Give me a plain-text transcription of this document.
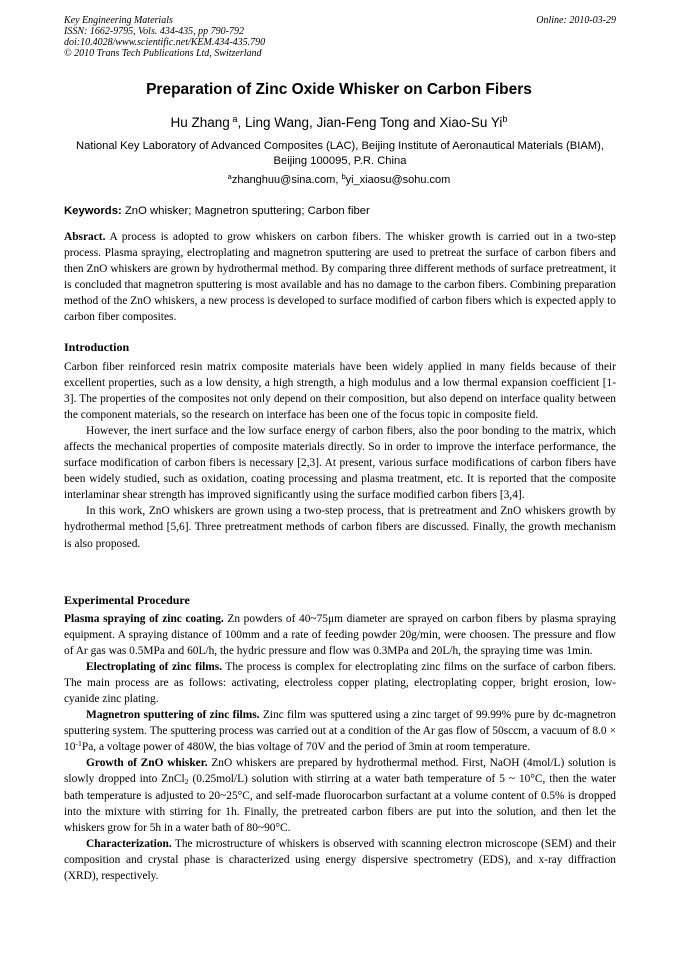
Key Engineering Materials	Online: 2010-03-29
ISSN: 1662-9795, Vols. 434-435, pp 790-792
doi:10.4028/www.scientific.net/KEM.434-435.790
© 2010 Trans Tech Publications Ltd, Switzerland
Preparation of Zinc Oxide Whisker on Carbon Fibers
Hu Zhang $^a$, Ling Wang, Jian-Feng Tong and Xiao-Su Yi$^b$
National Key Laboratory of Advanced Composites (LAC), Beijing Institute of Aeronautical Materials (BIAM), Beijing 100095, P.R. China
$^a$zhanghuu@sina.com, $^b$yi_xiaosu@sohu.com
Keywords: ZnO whisker; Magnetron sputtering; Carbon fiber

Absract. A process is adopted to grow whiskers on carbon fibers. The whisker growth is carried out in a two-step process. Plasma spraying, electroplating and magnetron sputtering are used to pretreat the surface of carbon fibers and then ZnO whiskers are grown by hydrothermal method. By comparing three different methods of surface pretreatment, it is concluded that magnetron sputtering is most available and has no damage to the carbon fibers. Combining preparation method of the ZnO whiskers, a new process is developed to surface modified of carbon fibers which is expected apply to carbon fiber composites.

Introduction

Carbon fiber reinforced resin matrix composite materials have been widely applied in many fields because of their excellent properties, such as a low density, a high strength, a high modulus and a low thermal expansion coefficient [1-3]. The properties of the composites not only depend on their composition, but also depend on interface quality between the component materials, so the research on interface has been one of the focus topic in composite field.

However, the inert surface and the low surface energy of carbon fibers, also the poor bonding to the matrix, which affects the mechanical properties of composite materials directly. So in order to improve the interface performance, the surface modification of carbon fibers is necessary [2,3]. At present, various surface modifications of carbon fibers have been widely studied, such as oxidation, coating processing and plasma treatment, etc. It is reported that the composite interlaminar shear strength has improved significantly using the surface modified carbon fibers [3,4].

In this work, ZnO whiskers are grown using a two-step process, that is pretreatment and ZnO whiskers growth by hydrothermal method [5,6]. Three pretreatment methods of carbon fibers are discussed. Finally, the growth mechanism is also proposed.

Experimental Procedure

Plasma spraying of zinc coating. Zn powders of 40~75μm diameter are sprayed on carbon fibers by plasma spraying equipment. A spraying distance of 100mm and a rate of feeding powder 20g/min, were choosen. The pressure and flow of Ar gas was 0.5MPa and 60L/h, the hydric pressure and flow was 0.3MPa and 20L/h, the spraying time was 1min.

Electroplating of zinc films. The process is complex for electroplating zinc films on the surface of carbon fibers. The main process are as follows: activating, electroless copper plating, electroplating copper, bright erosion, low-cyanide zinc plating.

Magnetron sputtering of zinc films. Zinc film was sputtered using a zinc target of 99.99% pure by dc-magnetron sputtering system. The sputtering process was carried out at a condition of the Ar gas flow of 50sccm, a vacuum of $8.0 \times 10^{-1}Pa$, a voltage power of 480W, the bias voltage of 70V and the period of 3min at room temperature.

Growth of ZnO whisker. ZnO whiskers are prepared by hydrothermal method. First, NaOH (4mol/L) solution is slowly dropped into ZnCl$_2$ (0.25mol/L) solution with stirring at a water bath temperature of 5 ~ 10°C, then the water bath temperature is adjusted to 20~25°C, and self-made fluorocarbon surfactant at a volume content of 0.5% is dropped into the mixture with stirring for 1h. Finally, the pretreated carbon fibers are put into the solution, and then let the whiskers grow for 5h in a water bath of 80~90°C.

Characterization. The microstructure of whiskers is observed with scanning electron microscope (SEM) and their composition and crystal phase is characterized using energy dispersive spectrometry (EDS), and x-ray diffraction (XRD), respectively.
